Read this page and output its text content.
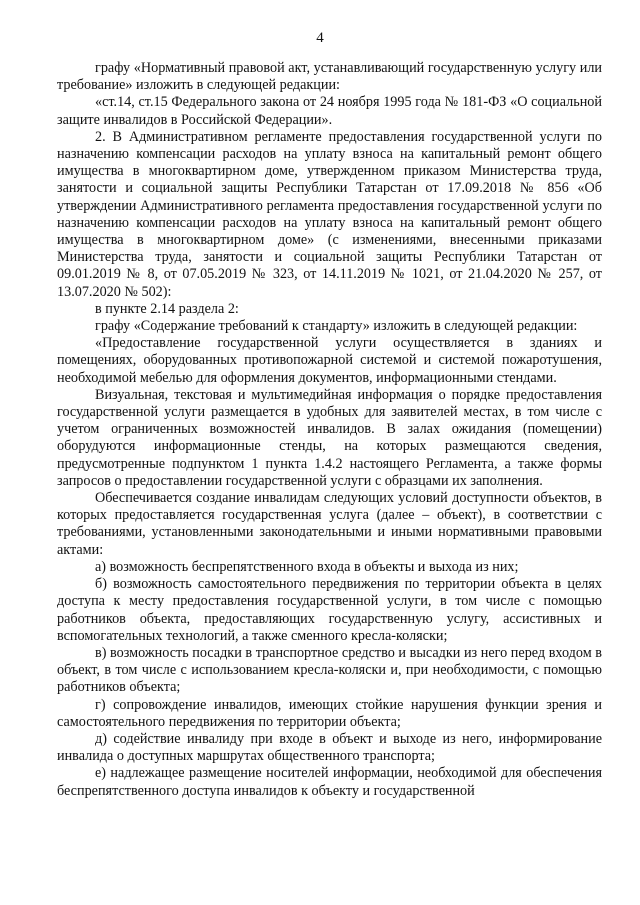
4

графу «Нормативный правовой акт, устанавливающий государственную услугу или требование» изложить в следующей редакции:

«ст.14, ст.15 Федерального закона от 24 ноября 1995 года № 181-ФЗ «О социальной защите инвалидов в Российской Федерации».

2. В Административном регламенте предоставления государственной услуги по назначению компенсации расходов на уплату взноса на капитальный ремонт общего имущества в многоквартирном доме, утвержденном приказом Министерства труда, занятости и социальной защиты Республики Татарстан от 17.09.2018 № 856 «Об утверждении Административного регламента предоставления государственной услуги по назначению компенсации расходов на уплату взноса на капитальный ремонт общего имущества в многоквартирном доме» (с изменениями, внесенными приказами Министерства труда, занятости и социальной защиты Республики Татарстан от 09.01.2019 № 8, от 07.05.2019 № 323, от 14.11.2019 № 1021, от 21.04.2020 № 257, от 13.07.2020 № 502):

в пункте 2.14 раздела 2:

графу «Содержание требований к стандарту» изложить в следующей редакции:

«Предоставление государственной услуги осуществляется в зданиях и помещениях, оборудованных противопожарной системой и системой пожаротушения, необходимой мебелью для оформления документов, информационными стендами.

Визуальная, текстовая и мультимедийная информация о порядке предоставления государственной услуги размещается в удобных для заявителей местах, в том числе с учетом ограниченных возможностей инвалидов. В залах ожидания (помещении) оборудуются информационные стенды, на которых размещаются сведения, предусмотренные подпунктом 1 пункта 1.4.2 настоящего Регламента, а также формы запросов о предоставлении государственной услуги с образцами их заполнения.

Обеспечивается создание инвалидам следующих условий доступности объектов, в которых предоставляется государственная услуга (далее – объект), в соответствии с требованиями, установленными законодательными и иными нормативными правовыми актами:

а) возможность беспрепятственного входа в объекты и выхода из них;

б) возможность самостоятельного передвижения по территории объекта в целях доступа к месту предоставления государственной услуги, в том числе с помощью работников объекта, предоставляющих государственную услугу, ассистивных и вспомогательных технологий, а также сменного кресла-коляски;

в) возможность посадки в транспортное средство и высадки из него перед входом в объект, в том числе с использованием кресла-коляски и, при необходимости, с помощью работников объекта;

г) сопровождение инвалидов, имеющих стойкие нарушения функции зрения и самостоятельного передвижения по территории объекта;

д) содействие инвалиду при входе в объект и выходе из него, информирование инвалида о доступных маршрутах общественного транспорта;

е) надлежащее размещение носителей информации, необходимой для обеспечения беспрепятственного доступа инвалидов к объекту и государственной
